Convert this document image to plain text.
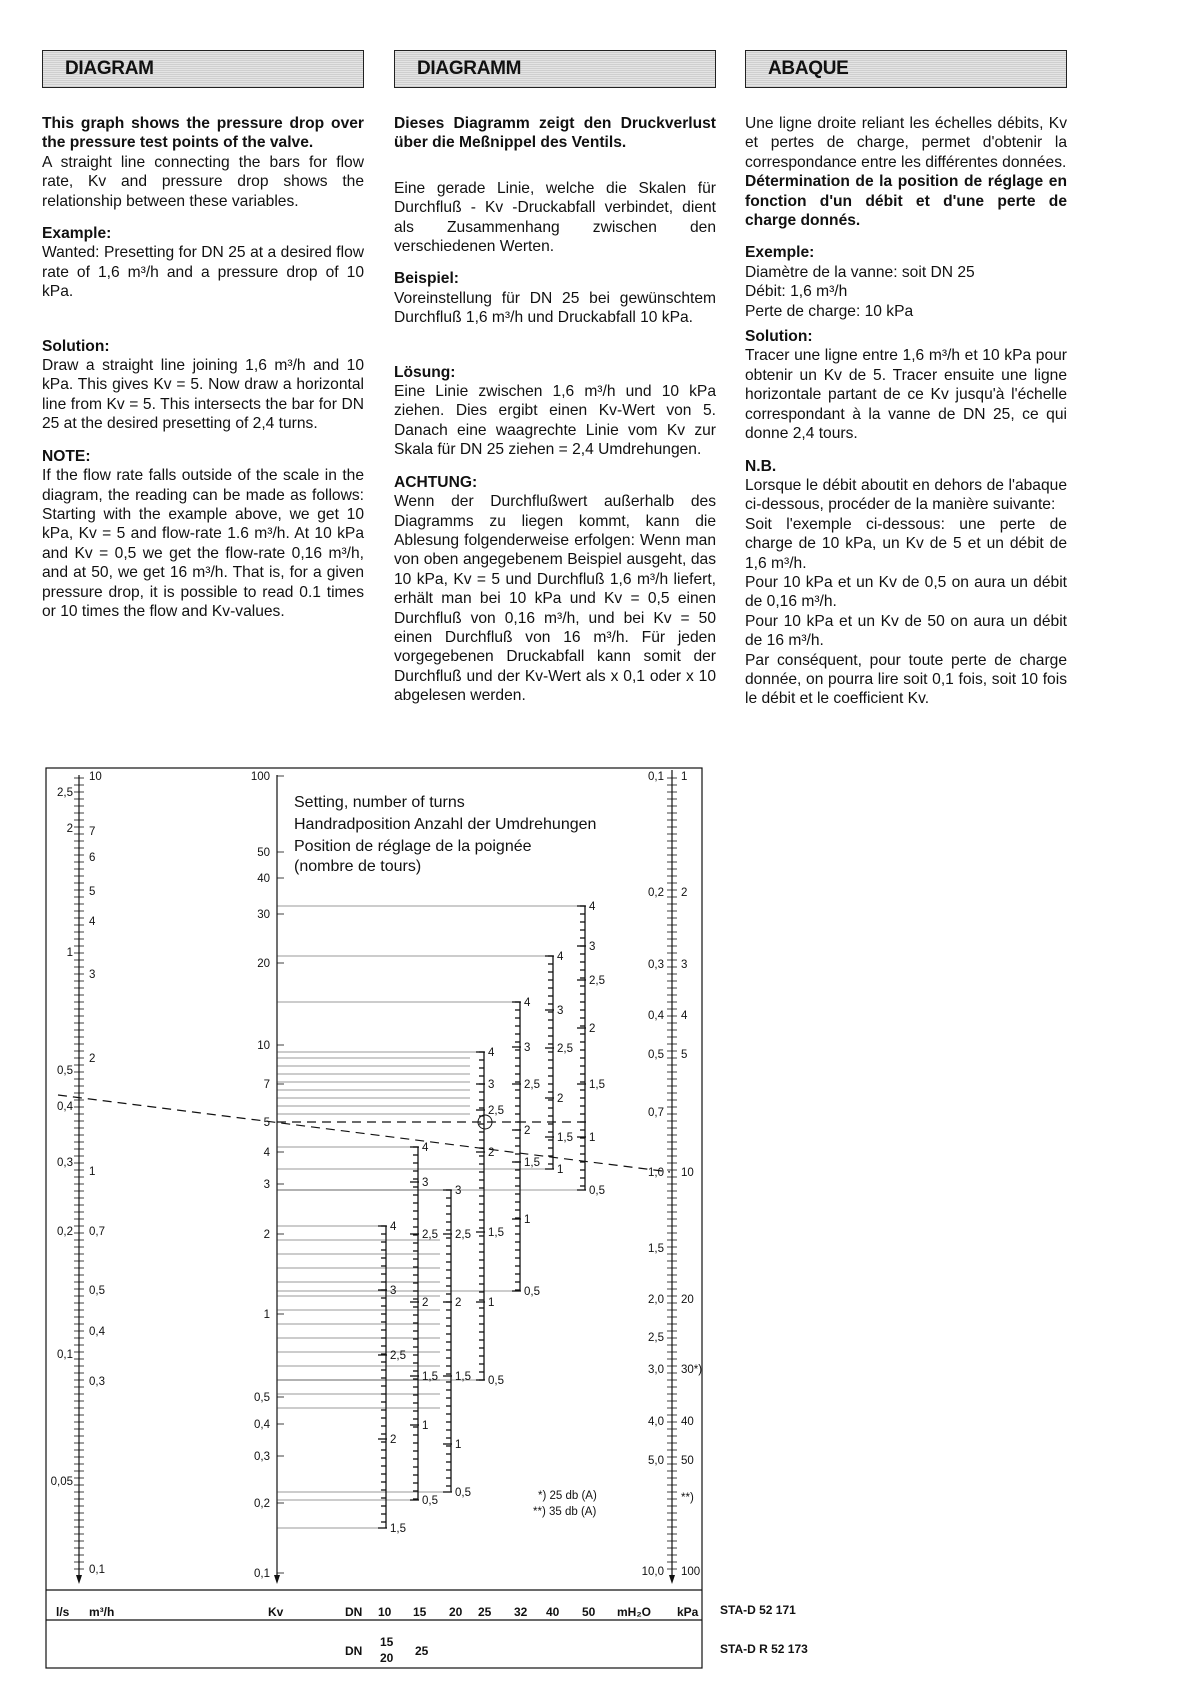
DIAGRAM

This graph shows the pressure drop over the pressure test points of the valve.

A straight line connecting the bars for flow rate, Kv and pressure drop shows the relationship between these variables.

Example:

Wanted: Presetting for DN 25 at a desired flow rate of 1,6 m³/h and a pressure drop of 10 kPa.

Solution:

Draw a straight line joining 1,6 m³/h and 10 kPa. This gives Kv = 5. Now draw a horizontal line from Kv = 5. This intersects the bar for DN 25 at the desired presetting of 2,4 turns.

NOTE:

If the flow rate falls outside of the scale in the diagram, the reading can be made as follows: Starting with the example above, we get 10 kPa, Kv = 5 and flow-rate 1.6 m³/h. At 10 kPa and Kv = 0,5 we get the flow-rate 0,16 m³/h, and at 50, we get 16 m³/h. That is, for a given pressure drop, it is possible to read 0.1 times or 10 times the flow and Kv-values.

DIAGRAMM

Dieses Diagramm zeigt den Druckverlust über die Meßnippel des Ventils.

Eine gerade Linie, welche die Skalen für Durchfluß - Kv -Druckabfall verbindet, dient als Zusammenhang zwischen den verschiedenen Werten.

Beispiel:

Voreinstellung für DN 25 bei gewünschtem Durchfluß 1,6 m³/h und Druckabfall 10 kPa.

Lösung:

Eine Linie zwischen 1,6 m³/h und 10 kPa ziehen. Dies ergibt einen Kv-Wert von 5. Danach eine waagrechte Linie vom Kv zur Skala für DN 25 ziehen = 2,4 Umdrehungen.

ACHTUNG:

Wenn der Durchflußwert außerhalb des Diagramms zu liegen kommt, kann die Ablesung folgenderweise erfolgen: Wenn man von oben angegebenem Beispiel ausgeht, das 10 kPa, Kv = 5 und Durchfluß 1,6 m³/h liefert, erhält man bei 10 kPa und Kv = 0,5 einen Durchfluß von 0,16 m³/h, und bei Kv = 50 einen Durchfluß von 16 m³/h. Für jeden vorgegebenen Druckabfall kann somit der Durchfluß und der Kv-Wert als x 0,1 oder x 10 abgelesen werden.

ABAQUE

Une ligne droite reliant les échelles débits, Kv et pertes de charge, permet d'obtenir la correspondance entre les différentes données.

Détermination de la position de réglage en fonction d'un débit et d'une perte de charge donnés.

Exemple:

Diamètre de la vanne: soit DN 25

Débit: 1,6 m³/h

Perte de charge: 10 kPa

Solution:

Tracer une ligne entre 1,6 m³/h et 10 kPa pour obtenir un Kv de 5. Tracer ensuite une ligne horizontale partant de ce Kv jusqu'à l'échelle correspondant à la vanne de DN 25, ce qui donne 2,4 tours.

N.B.

Lorsque le débit aboutit en dehors de l'abaque ci-dessous, procéder de la manière suivante:

Soit l'exemple ci-dessous: une perte de charge de 10 kPa, un Kv de 5 et un débit de 1,6 m³/h.

Pour 10 kPa et un Kv de 0,5 on aura un débit de 0,16 m³/h.

Pour 10 kPa et un Kv de 50 on aura un débit de 16 m³/h.

Par conséquent, pour toute perte de charge donnée, on pourra lire soit 0,1 fois, soit 10 fois le débit et le coefficient Kv.

2,5
2
1
0,5
0,4
0,3
0,2
0,1
0,05
10
7
6
5
4
3
2
1
0,7
0,5
0,4
0,3
0,1
100
50
40
30
20
10
7
5
4
3
2
1
0,5
0,4
0,3
0,2
0,1
0,1
0,2
0,3
0,4
0,5
0,7
1,0
1,5
2,0
2,5
3,0
4,0
5,0
10,0
1
2
3
4
5
10
20
30*)
40
50
**)
100
4
3
2,5
2
1,5
4
3
2,5
2
1,5
1
0,5
3
2,5
2
1,5
1
0,5
4
3
2,5
2
1,5
1
0,5
4
3
2,5
2
1,5
1
0,5
4
3
2,5
2
1,5
1
4
3
2,5
2
1,5
1
0,5
Setting, number of turns
Handradposition Anzahl der Umdrehungen
Position de réglage de la poignée
(nombre de tours)
*) 25 db (A)
**) 35 db (A)
l/s m³/h	Kv	DN 10 15 20 25 32 40 50 mH₂O kPa
DN
15
20 25
STA-D 52 171
STA-D R 52 173
